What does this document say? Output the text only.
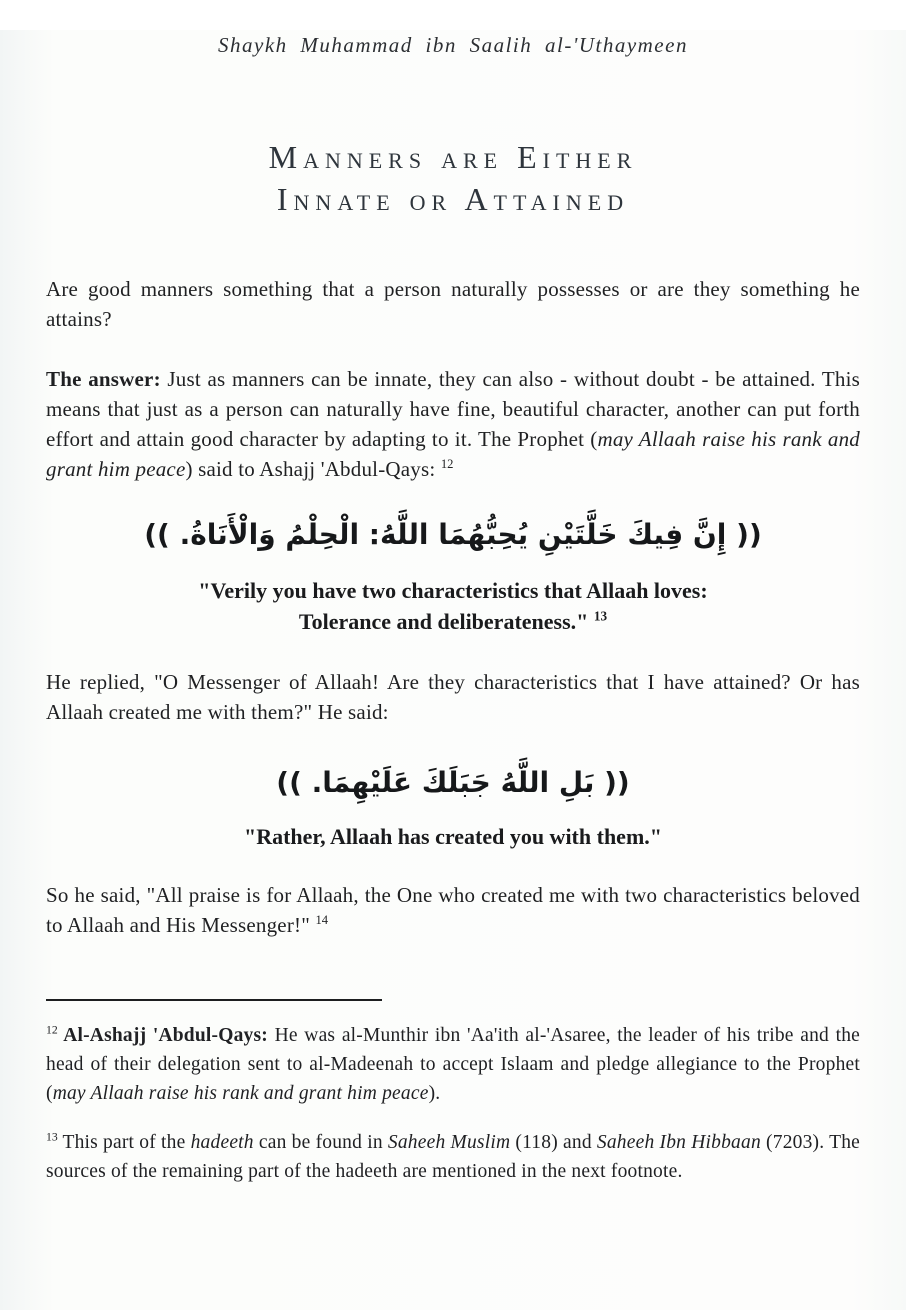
Shaykh Muhammad ibn Saalih al-'Uthaymeen
Manners are Either
Innate or Attained

Are good manners something that a person naturally possesses or are they something he attains?

The answer: Just as manners can be innate, they can also - without doubt - be attained. This means that just as a person can naturally have fine, beautiful character, another can put forth effort and attain good character by adapting to it. The Prophet (may Allaah raise his rank and grant him peace) said to Ashajj 'Abdul-Qays: $^{12}$

(( إِنَّ فِيكَ خَلَّتَيْنِ يُحِبُّهُمَا اللَّهُ: الْحِلْمُ وَالْأَنَاةُ. ))
"Verily you have two characteristics that Allaah loves:
Tolerance and deliberateness." $^{13}$

He replied, "O Messenger of Allaah! Are they characteristics that I have attained? Or has Allaah created me with them?" He said:

(( بَلِ اللَّهُ جَبَلَكَ عَلَيْهِمَا. ))
"Rather, Allaah has created you with them."

So he said, "All praise is for Allaah, the One who created me with two characteristics beloved to Allaah and His Messenger!" $^{14}$

$^{12}$ Al-Ashajj 'Abdul-Qays: He was al-Munthir ibn 'Aa'ith al-'Asaree, the leader of his tribe and the head of their delegation sent to al-Madeenah to accept Islaam and pledge allegiance to the Prophet (may Allaah raise his rank and grant him peace).

$^{13}$ This part of the hadeeth can be found in Saheeh Muslim (118) and Saheeh Ibn Hibbaan (7203). The sources of the remaining part of the hadeeth are mentioned in the next footnote.
